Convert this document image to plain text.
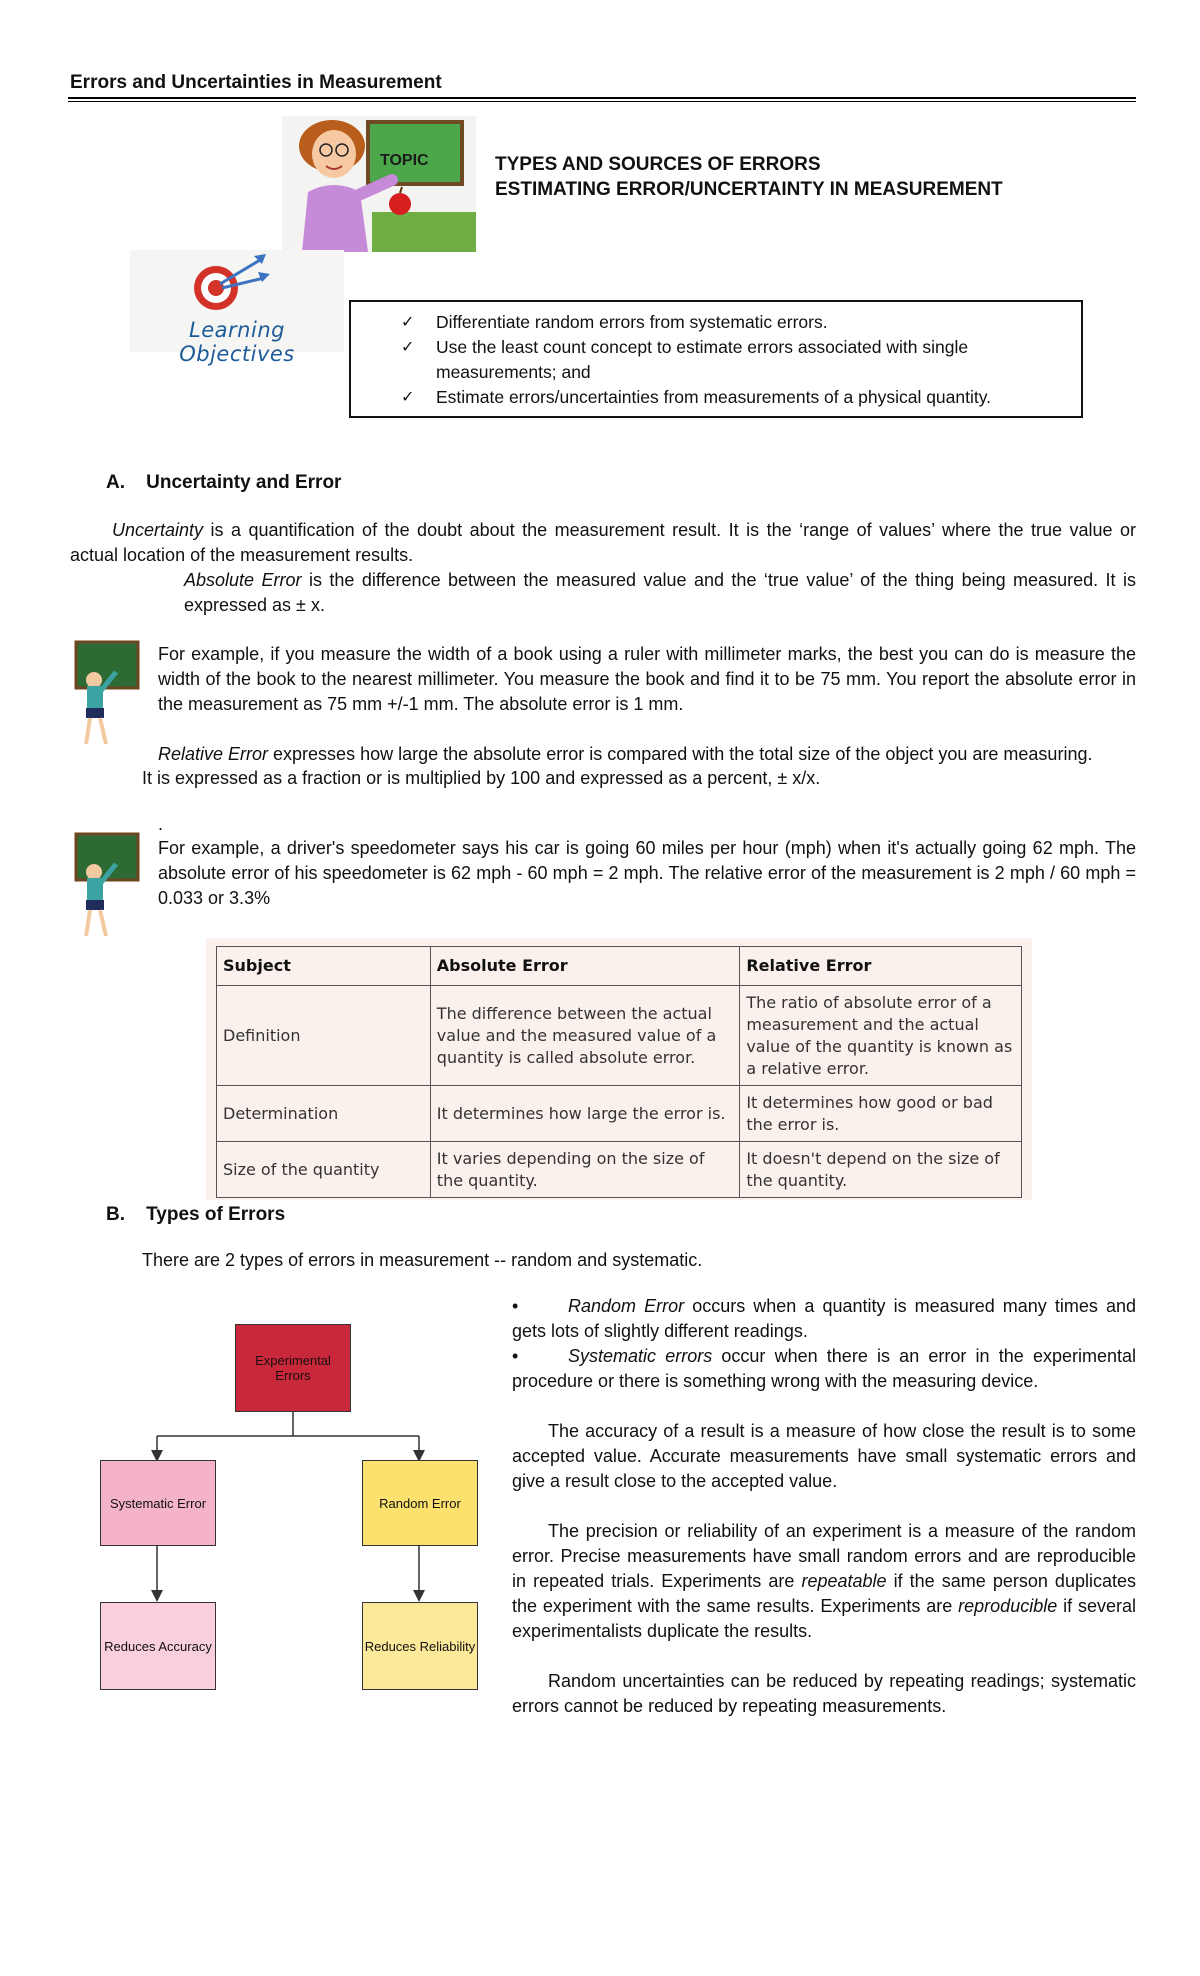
Errors and Uncertainties in Measurement
TOPIC	TYPES AND SOURCES OF ERRORS
ESTIMATING ERROR/UNCERTAINTY IN MEASUREMENT
Learning Objectives
✓ Differentiate random errors from systematic errors.
✓ Use the least count concept to estimate errors associated with single measurements; and
✓ Estimate errors/uncertainties from measurements of a physical quantity.
A.    Uncertainty and Error
Uncertainty is a quantification of the doubt about the measurement result. It is the ‘range of values’ where the true value or actual location of the measurement results.
Absolute Error is the difference between the measured value and the ‘true value’ of the thing being measured. It is expressed as ± x.
For example, if you measure the width of a book using a ruler with millimeter marks, the best you can do is measure the width of the book to the nearest millimeter. You measure the book and find it to be 75 mm. You report the absolute error in the measurement as 75 mm +/-1 mm. The absolute error is 1 mm.
Relative Error expresses how large the absolute error is compared with the total size of the object you are measuring.
It is expressed as a fraction or is multiplied by 100 and expressed as a percent, ± x/x.
.
For example, a driver's speedometer says his car is going 60 miles per hour (mph) when it's actually going 62 mph. The absolute error of his speedometer is 62 mph - 60 mph = 2 mph. The relative error of the measurement is 2 mph / 60 mph = 0.033 or 3.3%
Subject	Absolute Error	Relative Error
Definition	The difference between the actual value and the measured value of a quantity is called absolute error.	The ratio of absolute error of a measurement and the actual value of the quantity is known as a relative error.
Determination	It determines how large the error is.	It determines how good or bad the error is.
Size of the quantity	It varies depending on the size of the quantity.	It doesn't depend on the size of the quantity.
B.    Types of Errors
There are 2 types of errors in measurement -- random and systematic.
Experimental Errors
Systematic Error	Random Error
Reduces Accuracy	Reduces Reliability
•	Random Error occurs when a quantity is measured many times and gets lots of slightly different readings.
•	Systematic errors occur when there is an error in the experimental procedure or there is something wrong with the measuring device.
The accuracy of a result is a measure of how close the result is to some accepted value. Accurate measurements have small systematic errors and give a result close to the accepted value.
The precision or reliability of an experiment is a measure of the random error. Precise measurements have small random errors and are reproducible in repeated trials. Experiments are repeatable if the same person duplicates the experiment with the same results. Experiments are reproducible if several experimentalists duplicate the results.
Random uncertainties can be reduced by repeating readings; systematic errors cannot be reduced by repeating measurements.
